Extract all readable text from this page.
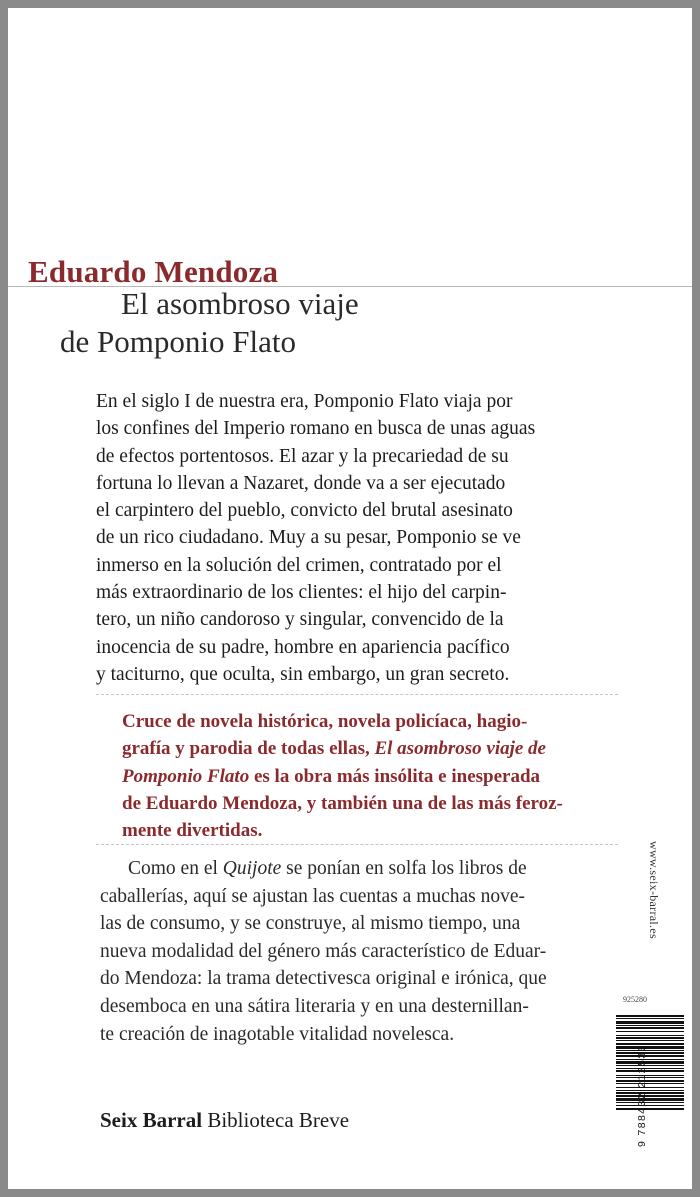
Eduardo Mendoza
El asombroso viaje
de Pomponio Flato
En el siglo I de nuestra era, Pomponio Flato viaja por
los confines del Imperio romano en busca de unas aguas
de efectos portentosos. El azar y la precariedad de su
fortuna lo llevan a Nazaret, donde va a ser ejecutado
el carpintero del pueblo, convicto del brutal asesinato
de un rico ciudadano. Muy a su pesar, Pomponio se ve
inmerso en la solución del crimen, contratado por el
más extraordinario de los clientes: el hijo del carpin-
tero, un niño candoroso y singular, convencido de la
inocencia de su padre, hombre en apariencia pacífico
y taciturno, que oculta, sin embargo, un gran secreto.
Cruce de novela histórica, novela policíaca, hagio-
grafía y parodia de todas ellas, El asombroso viaje de
Pomponio Flato es la obra más insólita e inesperada
de Eduardo Mendoza, y también una de las más feroz-
mente divertidas.
Como en el Quijote se ponían en solfa los libros de
caballerías, aquí se ajustan las cuentas a muchas nove-
las de consumo, y se construye, al mismo tiempo, una
nueva modalidad del género más característico de Eduar-
do Mendoza: la trama detectivesca original e irónica, que
desemboca en una sátira literaria y en una desternillan-
te creación de inagotable vitalidad novelesca.
Seix Barral Biblioteca Breve
www.seix-barral.es
925280
9 788432 212536
